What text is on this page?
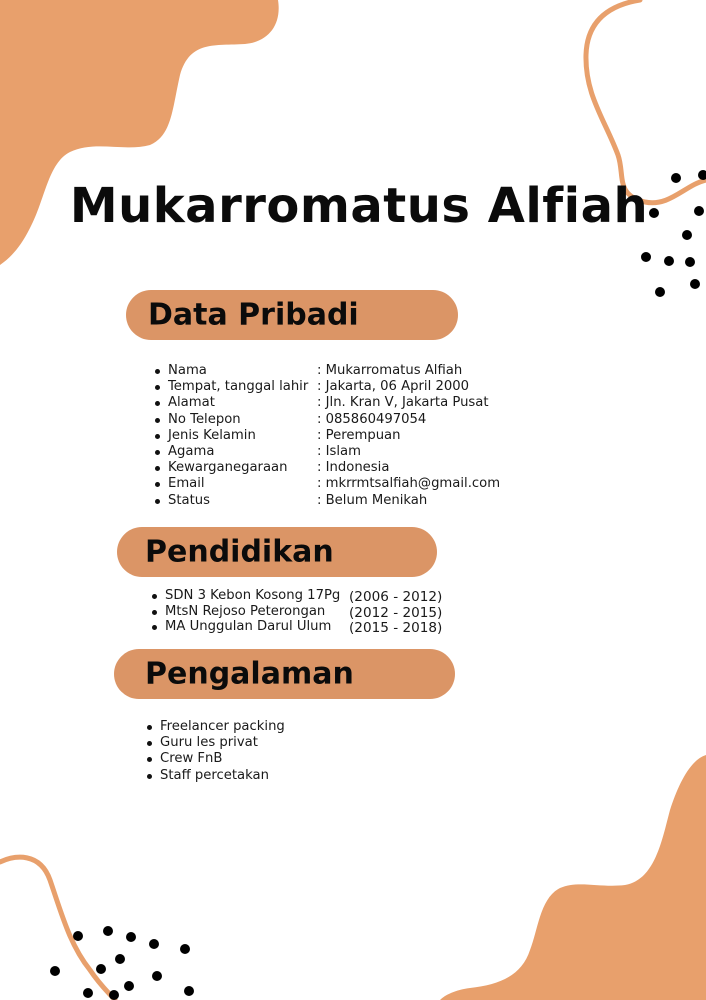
Mukarromatus Alfiah
Data Pribadi
Nama	: Mukarromatus Alfiah
Tempat, tanggal lahir : Jakarta, 06 April 2000
Alamat	: Jln. Kran V, Jakarta Pusat
No Telepon	: 085860497054
Jenis Kelamin	: Perempuan
Agama	: Islam
Kewarganegaraan : Indonesia
Email	: mkrrmtsalfiah@gmail.com
Status	: Belum Menikah
Pendidikan
SDN 3 Kebon Kosong 17Pg (2006 - 2012)
MtsN Rejoso Peterongan (2012 - 2015)
MA Unggulan Darul Ulum (2015 - 2018)
Pengalaman
Freelancer packing
Guru les privat
Crew FnB
Staff percetakan
